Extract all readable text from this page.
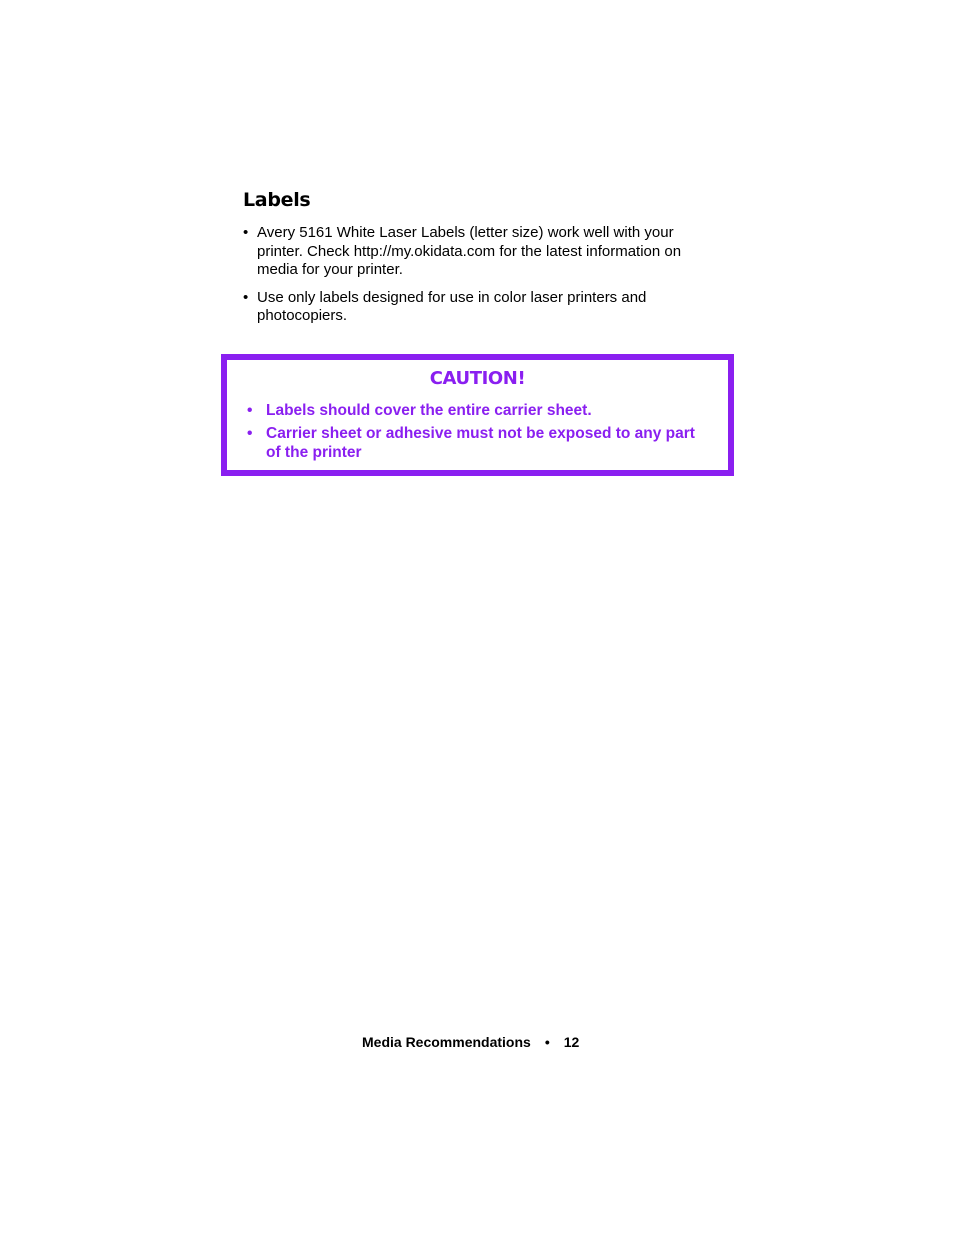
Labels
• Avery 5161 White Laser Labels (letter size) work well with your printer. Check http://my.okidata.com for the latest information on media for your printer.
• Use only labels designed for use in color laser printers and photocopiers.
CAUTION!
• Labels should cover the entire carrier sheet.
• Carrier sheet or adhesive must not be exposed to any part of the printer
Media Recommendations • 12
